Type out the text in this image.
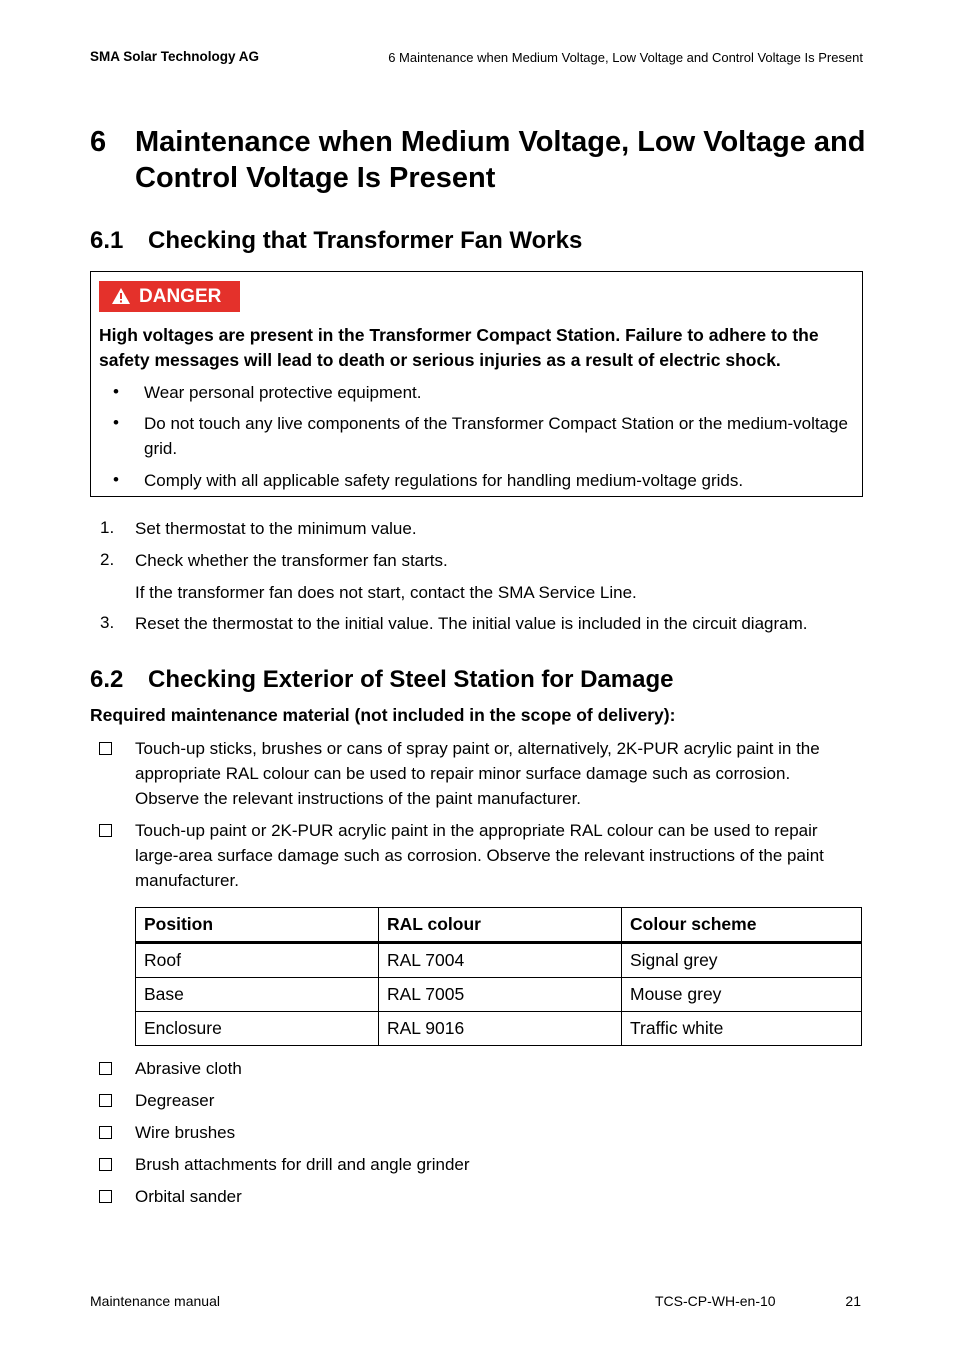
SMA Solar Technology AG	6 Maintenance when Medium Voltage, Low Voltage and Control Voltage Is Present
6 Maintenance when Medium Voltage, Low Voltage and Control Voltage Is Present
6.1 Checking that Transformer Fan Works
DANGER
High voltages are present in the Transformer Compact Station. Failure to adhere to the safety messages will lead to death or serious injuries as a result of electric shock.
• Wear personal protective equipment.
• Do not touch any live components of the Transformer Compact Station or the medium-voltage grid.
• Comply with all applicable safety regulations for handling medium-voltage grids.
1. Set thermostat to the minimum value.
2. Check whether the transformer fan starts.
If the transformer fan does not start, contact the SMA Service Line.
3. Reset the thermostat to the initial value. The initial value is included in the circuit diagram.
6.2 Checking Exterior of Steel Station for Damage
Required maintenance material (not included in the scope of delivery):
Touch-up sticks, brushes or cans of spray paint or, alternatively, 2K-PUR acrylic paint in the appropriate RAL colour can be used to repair minor surface damage such as corrosion. Observe the relevant instructions of the paint manufacturer.
Touch-up paint or 2K-PUR acrylic paint in the appropriate RAL colour can be used to repair large-area surface damage such as corrosion. Observe the relevant instructions of the paint manufacturer.
Position	RAL colour	Colour scheme
Roof	RAL 7004	Signal grey
Base	RAL 7005	Mouse grey
Enclosure	RAL 9016	Traffic white
Abrasive cloth
Degreaser
Wire brushes
Brush attachments for drill and angle grinder
Orbital sander
Maintenance manual	TCS-CP-WH-en-10	21
